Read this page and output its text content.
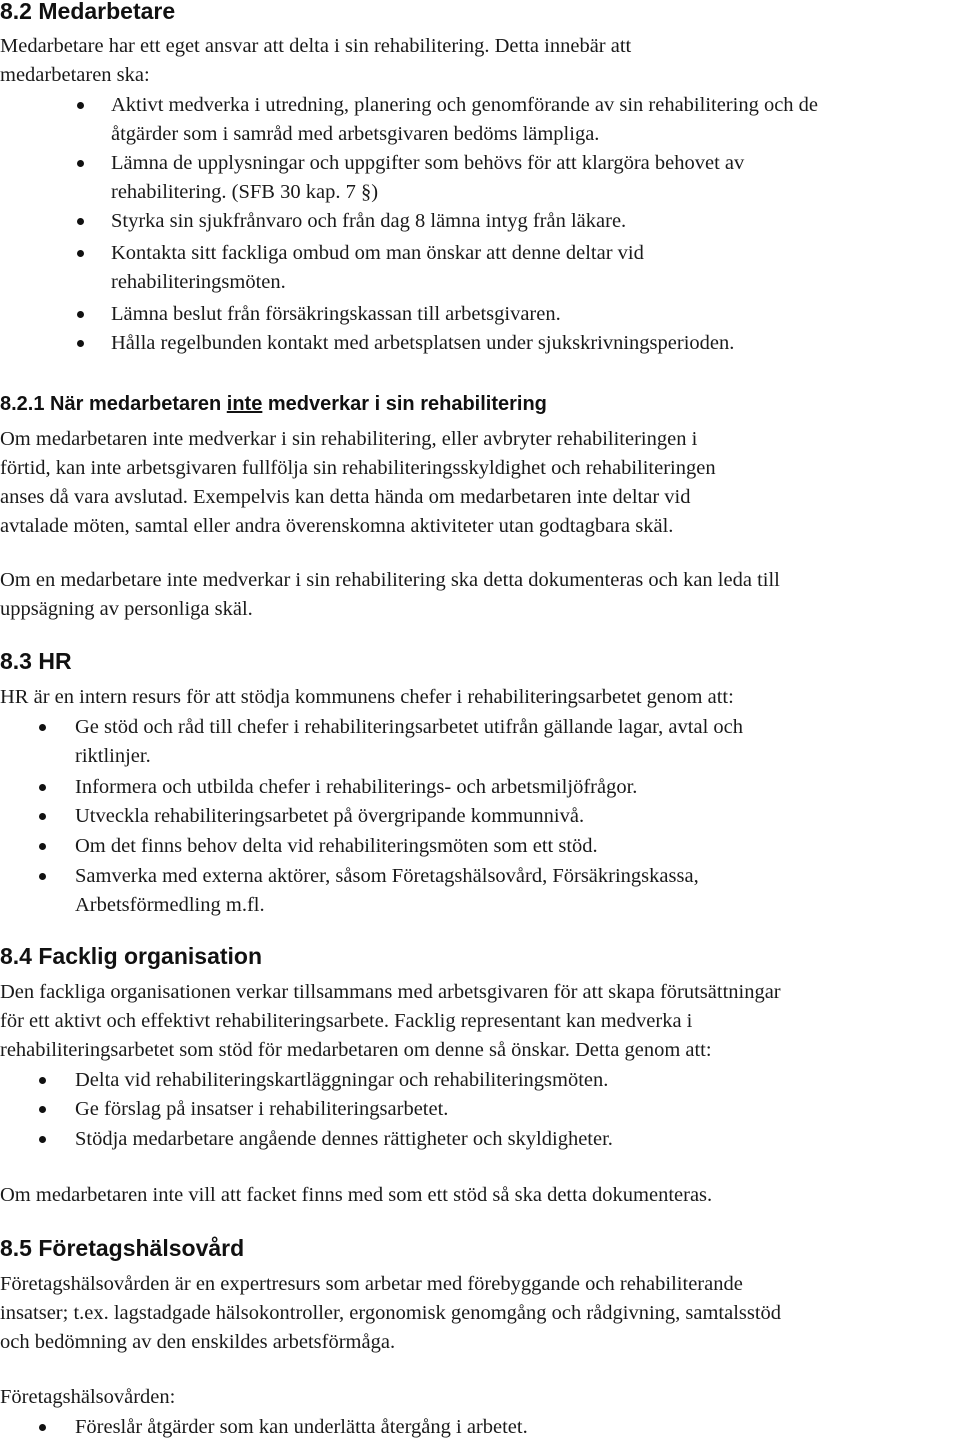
8.2 Medarbetare

Medarbetare har ett eget ansvar att delta i sin rehabilitering. Detta innebär att

medarbetaren ska:

Aktivt medverka i utredning, planering och genomförande av sin rehabilitering och de

åtgärder som i samråd med arbetsgivaren bedöms lämpliga.

Lämna de upplysningar och uppgifter som behövs för att klargöra behovet av

rehabilitering. (SFB 30 kap. 7 §)

Styrka sin sjukfrånvaro och från dag 8 lämna intyg från läkare.

Kontakta sitt fackliga ombud om man önskar att denne deltar vid

rehabiliteringsmöten.

Lämna beslut från försäkringskassan till arbetsgivaren.

Hålla regelbunden kontakt med arbetsplatsen under sjukskrivningsperioden.

8.2.1 När medarbetaren inte medverkar i sin rehabilitering

Om medarbetaren inte medverkar i sin rehabilitering, eller avbryter rehabiliteringen i

förtid, kan inte arbetsgivaren fullfölja sin rehabiliteringsskyldighet och rehabiliteringen

anses då vara avslutad. Exempelvis kan detta hända om medarbetaren inte deltar vid

avtalade möten, samtal eller andra överenskomna aktiviteter utan godtagbara skäl.

Om en medarbetare inte medverkar i sin rehabilitering ska detta dokumenteras och kan leda till

uppsägning av personliga skäl.

8.3 HR

HR är en intern resurs för att stödja kommunens chefer i rehabiliteringsarbetet genom att:

Ge stöd och råd till chefer i rehabiliteringsarbetet utifrån gällande lagar, avtal och

riktlinjer.

Informera och utbilda chefer i rehabiliterings- och arbetsmiljöfrågor.

Utveckla rehabiliteringsarbetet på övergripande kommunnivå.

Om det finns behov delta vid rehabiliteringsmöten som ett stöd.

Samverka med externa aktörer, såsom Företagshälsovård, Försäkringskassa,

Arbetsförmedling m.fl.

8.4 Facklig organisation

Den fackliga organisationen verkar tillsammans med arbetsgivaren för att skapa förutsättningar

för ett aktivt och effektivt rehabiliteringsarbete. Facklig representant kan medverka i

rehabiliteringsarbetet som stöd för medarbetaren om denne så önskar. Detta genom att:

Delta vid rehabiliteringskartläggningar och rehabiliteringsmöten.

Ge förslag på insatser i rehabiliteringsarbetet.

Stödja medarbetare angående dennes rättigheter och skyldigheter.

Om medarbetaren inte vill att facket finns med som ett stöd så ska detta dokumenteras.

8.5 Företagshälsovård

Företagshälsovården är en expertresurs som arbetar med förebyggande och rehabiliterande

insatser; t.ex. lagstadgade hälsokontroller, ergonomisk genomgång och rådgivning, samtalsstöd

och bedömning av den enskildes arbetsförmåga.

Företagshälsovården:

Föreslår åtgärder som kan underlätta återgång i arbetet.
